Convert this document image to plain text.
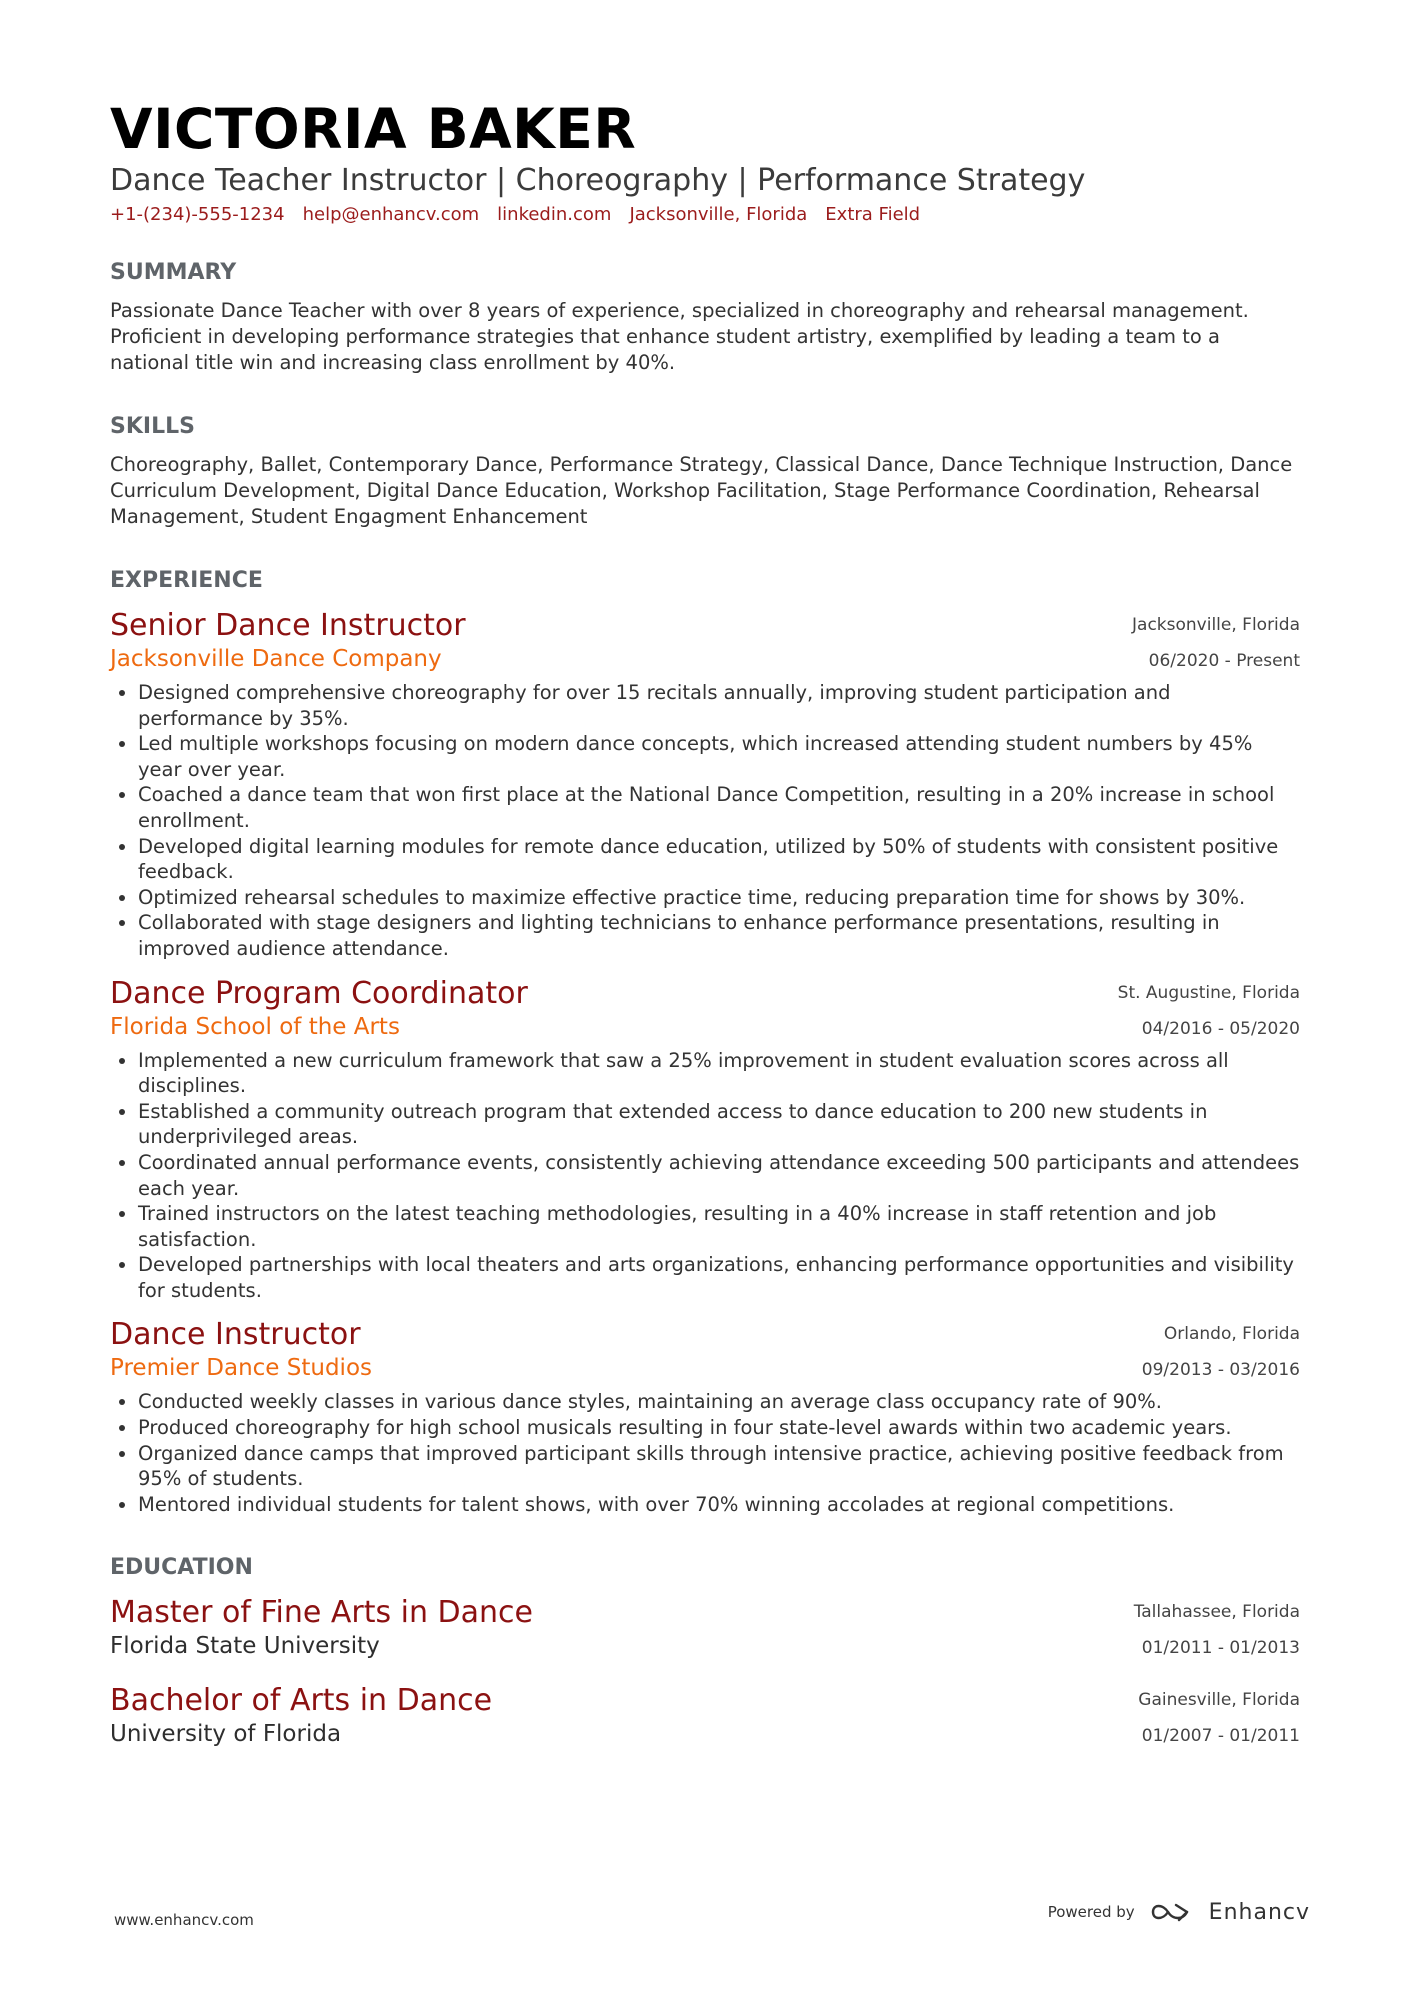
VICTORIA BAKER
Dance Teacher Instructor | Choreography | Performance Strategy
+1-(234)-555-1234 help@enhancv.com linkedin.com Jacksonville, Florida Extra Field
SUMMARY
Passionate Dance Teacher with over 8 years of experience, specialized in choreography and rehearsal management. Proficient in developing performance strategies that enhance student artistry, exemplified by leading a team to a national title win and increasing class enrollment by 40%.
SKILLS
Choreography, Ballet, Contemporary Dance, Performance Strategy, Classical Dance, Dance Technique Instruction, Dance Curriculum Development, Digital Dance Education, Workshop Facilitation, Stage Performance Coordination, Rehearsal Management, Student Engagment Enhancement
EXPERIENCE
Senior Dance Instructor
Jacksonville Dance Company
Jacksonville, Florida
06/2020 - Present
• Designed comprehensive choreography for over 15 recitals annually, improving student participation and performance by 35%.
• Led multiple workshops focusing on modern dance concepts, which increased attending student numbers by 45% year over year.
• Coached a dance team that won first place at the National Dance Competition, resulting in a 20% increase in school enrollment.
• Developed digital learning modules for remote dance education, utilized by 50% of students with consistent positive feedback.
• Optimized rehearsal schedules to maximize effective practice time, reducing preparation time for shows by 30%.
• Collaborated with stage designers and lighting technicians to enhance performance presentations, resulting in improved audience attendance.
Dance Program Coordinator
Florida School of the Arts
St. Augustine, Florida
04/2016 - 05/2020
• Implemented a new curriculum framework that saw a 25% improvement in student evaluation scores across all disciplines.
• Established a community outreach program that extended access to dance education to 200 new students in underprivileged areas.
• Coordinated annual performance events, consistently achieving attendance exceeding 500 participants and attendees each year.
• Trained instructors on the latest teaching methodologies, resulting in a 40% increase in staff retention and job satisfaction.
• Developed partnerships with local theaters and arts organizations, enhancing performance opportunities and visibility for students.
Dance Instructor
Premier Dance Studios
Orlando, Florida
09/2013 - 03/2016
• Conducted weekly classes in various dance styles, maintaining an average class occupancy rate of 90%.
• Produced choreography for high school musicals resulting in four state-level awards within two academic years.
• Organized dance camps that improved participant skills through intensive practice, achieving positive feedback from 95% of students.
• Mentored individual students for talent shows, with over 70% winning accolades at regional competitions.
EDUCATION
Master of Fine Arts in Dance
Florida State University
Tallahassee, Florida
01/2011 - 01/2013
Bachelor of Arts in Dance
University of Florida
Gainesville, Florida
01/2007 - 01/2011
www.enhancv.com	Powered by	Enhancv
